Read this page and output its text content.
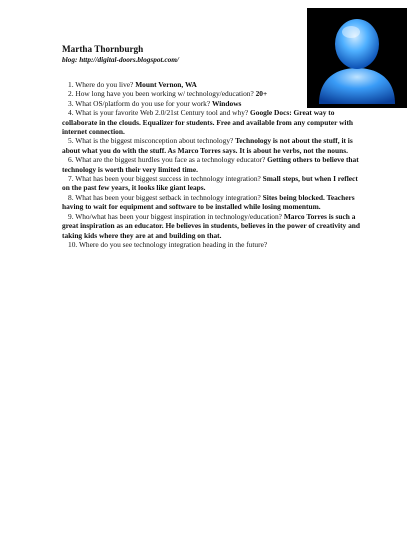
Martha Thornburgh
blog: http://digital-doors.blogspot.com/

1. Where do you live? Mount Vernon, WA

2. How long have you been working w/ technology/education? 20+

3. What OS/platform do you use for your work? Windows

4. What is your favorite Web 2.0/21st Century tool and why? Google Docs: Great way to collaborate in the clouds. Equalizer for students. Free and available from any computer with internet connection.

5. What is the biggest misconception about technology? Technology is not about the stuff, it is about what you do with the stuff. As Marco Torres says. It is about he verbs, not the nouns.

6. What are the biggest hurdles you face as a technology educator? Getting others to believe that technology is worth their very limited time.

7. What has been your biggest success in technology integration? Small steps, but when I reflect on the past few years, it looks like giant leaps.

8. What has been your biggest setback in technology integration? Sites being blocked. Teachers having to wait for equipment and software to be installed while losing momentum.

9. Who/what has been your biggest inspiration in technology/education? Marco Torres is such a great inspiration as an educator. He believes in students, believes in the power of creativity and taking kids where they are at and building on that.

10. Where do you see technology integration heading in the future?
